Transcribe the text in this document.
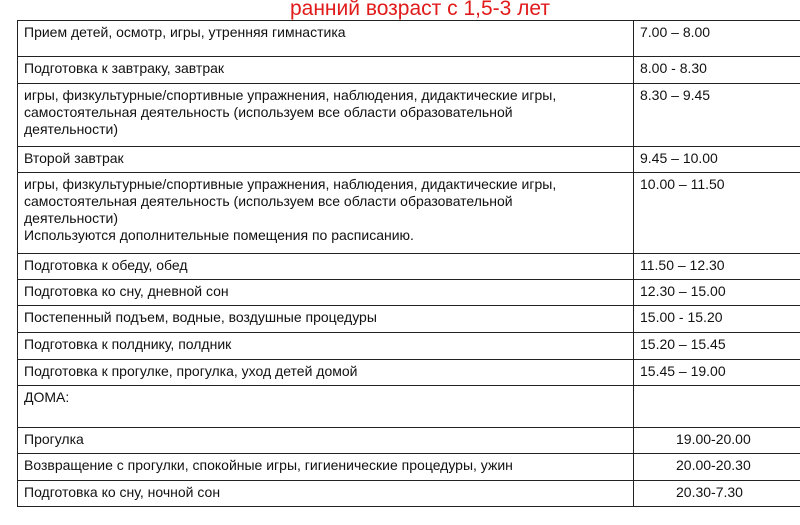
ранний возраст с 1,5-3 лет
Прием детей, осмотр, игры, утренняя гимнастика	7.00 – 8.00

Подготовка к завтраку, завтрак	8.00 - 8.30

игры, физкультурные/спортивные упражнения, наблюдения, дидактические игры,
самостоятельная деятельность (используем все области образовательной
деятельности)	8.30 – 9.45

Второй завтрак	9.45 – 10.00

игры, физкультурные/спортивные упражнения, наблюдения, дидактические игры,
самостоятельная деятельность (используем все области образовательной
деятельности)
Используются дополнительные помещения по расписанию.	10.00 – 11.50

Подготовка к обеду, обед	11.50 – 12.30

Подготовка ко сну, дневной сон	12.30 – 15.00

Постепенный подъем, водные, воздушные процедуры	15.00 - 15.20

Подготовка к полднику, полдник	15.20 – 15.45

Подготовка к прогулке, прогулка, уход детей домой	15.45 – 19.00

ДОМА:	

Прогулка	19.00-20.00

Возвращение с прогулки, спокойные игры, гигиенические процедуры, ужин	20.00-20.30

Подготовка ко сну, ночной сон	20.30-7.30
